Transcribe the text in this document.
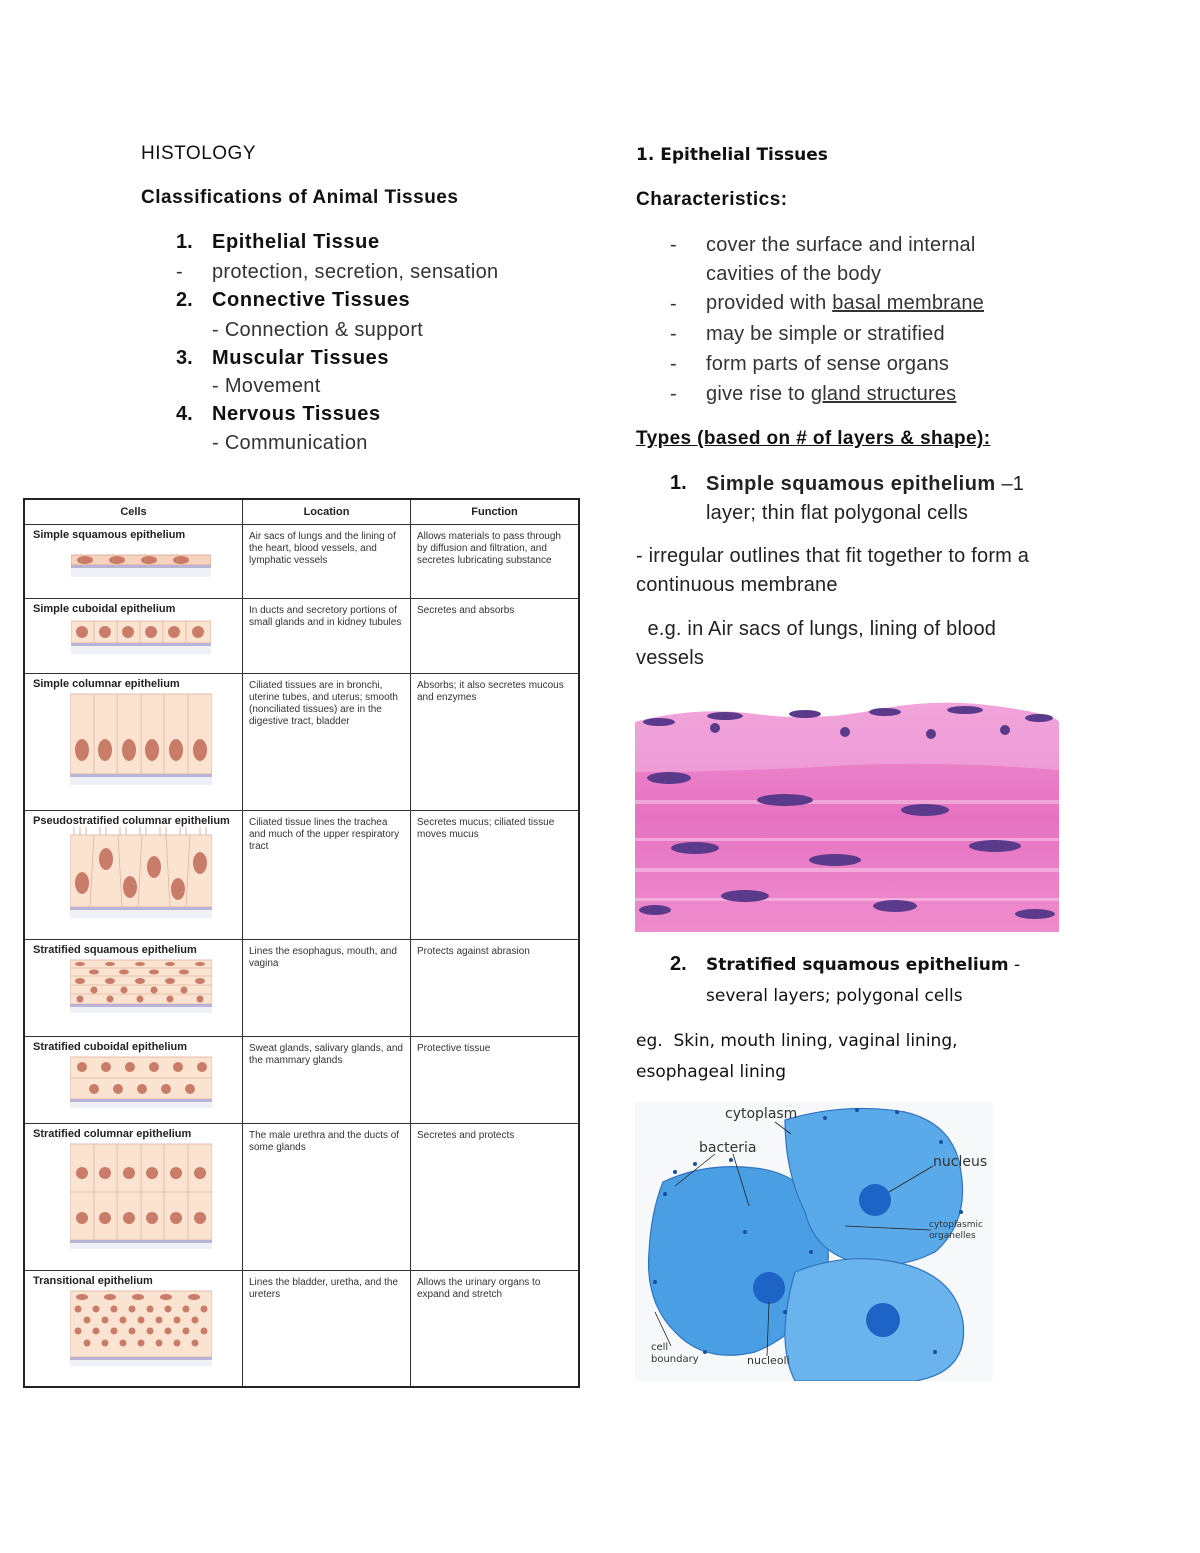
HISTOLOGY
Classifications of Animal Tissues
1. Epithelial Tissue
- protection, secretion, sensation
2. Connective Tissues
- Connection & support
3. Muscular Tissues
- Movement
4. Nervous Tissues
- Communication
Cells	Location	Function

Simple squamous epithelium	Air sacs of lungs and the lining of the heart, blood vessels, and lymphatic vessels	Allows materials to pass through by diffusion and filtration, and secretes lubricating substance

Simple cuboidal epithelium	In ducts and secretory portions of small glands and in kidney tubules	Secretes and absorbs

Simple columnar epithelium	Ciliated tissues are in bronchi, uterine tubes, and uterus; smooth (nonciliated tissues) are in the digestive tract, bladder	Absorbs; it also secretes mucous and enzymes

Pseudostratified columnar epithelium	Ciliated tissue lines the trachea and much of the upper respiratory tract	Secretes mucus; ciliated tissue moves mucus

Stratified squamous epithelium	Lines the esophagus, mouth, and vagina	Protects against abrasion

Stratified cuboidal epithelium	Sweat glands, salivary glands, and the mammary glands	Protective tissue

Stratified columnar epithelium	The male urethra and the ducts of some glands	Secretes and protects

Transitional epithelium	Lines the bladder, uretha, and the ureters	Allows the urinary organs to expand and stretch
1. Epithelial Tissues
Characteristics:
- cover the surface and internal
cavities of the body
- provided with basal membrane
- may be simple or stratified
- form parts of sense organs
- give rise to gland structures
Types (based on # of layers & shape):
1. Simple squamous epithelium –1
layer; thin flat polygonal cells
- irregular outlines that fit together to form a
continuous membrane
e.g. in Air sacs of lungs, lining of blood
vessels
2. Stratified squamous epithelium -
several layers; polygonal cells
eg.  Skin, mouth lining, vaginal lining,
esophageal lining
cytoplasm
bacteria
nucleus
cytoplasmic
organelles
cell
boundary	nucleoli
